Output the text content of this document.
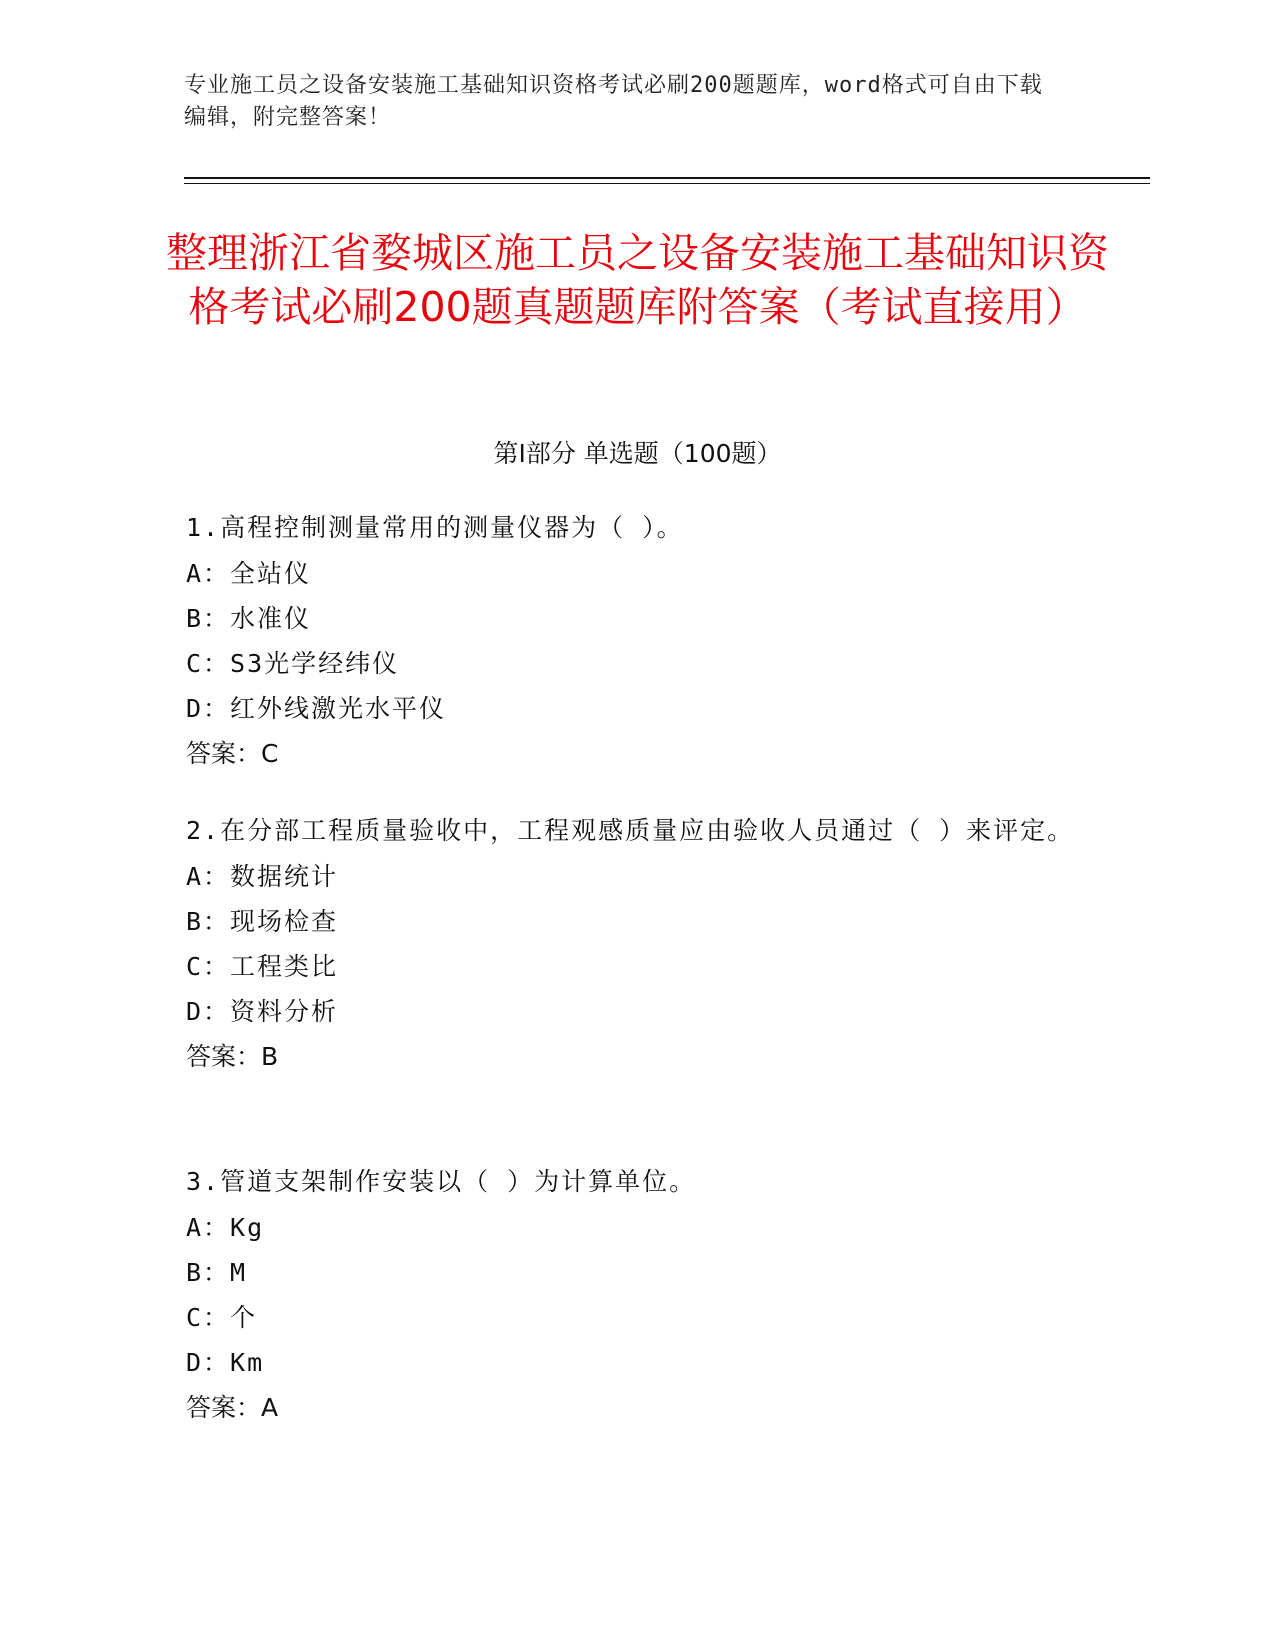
专业施工员之设备安装施工基础知识资格考试必刷200题题库，word格式可自由下载编辑，附完整答案！
整理浙江省婺城区施工员之设备安装施工基础知识资格考试必刷200题真题题库附答案（考试直接用）
第I部分 单选题（100题）
1.高程控制测量常用的测量仪器为（ ）。
A：全站仪
B：水准仪
C：S3光学经纬仪
D：红外线激光水平仪
答案：C
2.在分部工程质量验收中，工程观感质量应由验收人员通过（ ）来评定。
A：数据统计
B：现场检查
C：工程类比
D：资料分析
答案：B
3.管道支架制作安装以（ ）为计算单位。
A：Kg
B：M
C：个
D：Km
答案：A
